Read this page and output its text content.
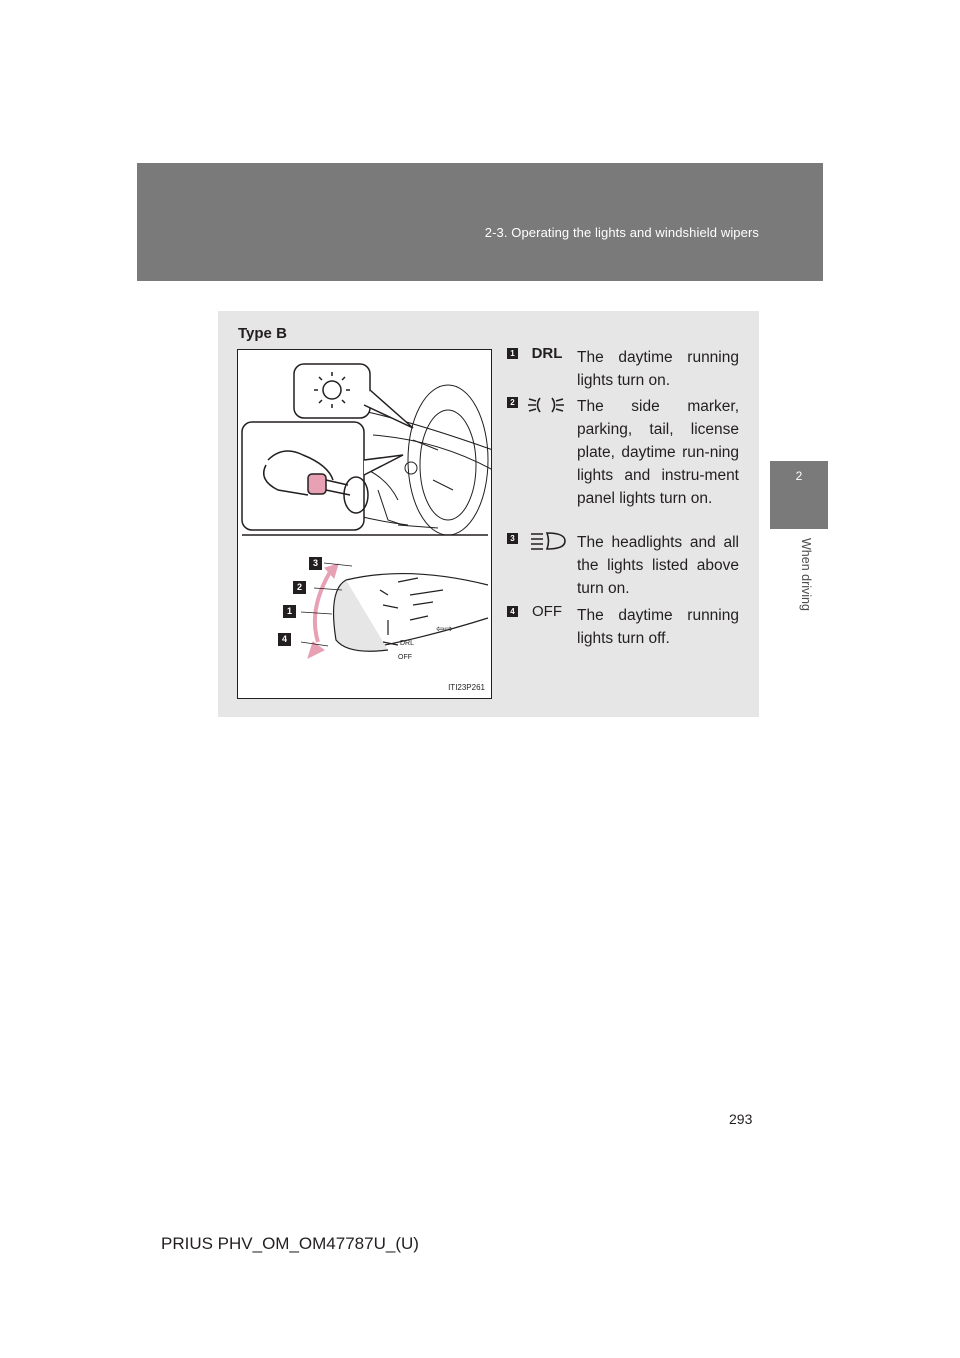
2-3. Operating the lights and windshield wipers
2
When driving
Type B
DRL
OFF
⇦⇨
3
2
1
4
ITI23P261
1	DRL The daytime running lights turn on.
2	The side marker, parking, tail, license plate, daytime run-ning lights and instru-ment panel lights turn on.
3	The headlights and all the lights listed above turn on.
4	OFF The daytime running lights turn off.
293
PRIUS PHV_OM_OM47787U_(U)
